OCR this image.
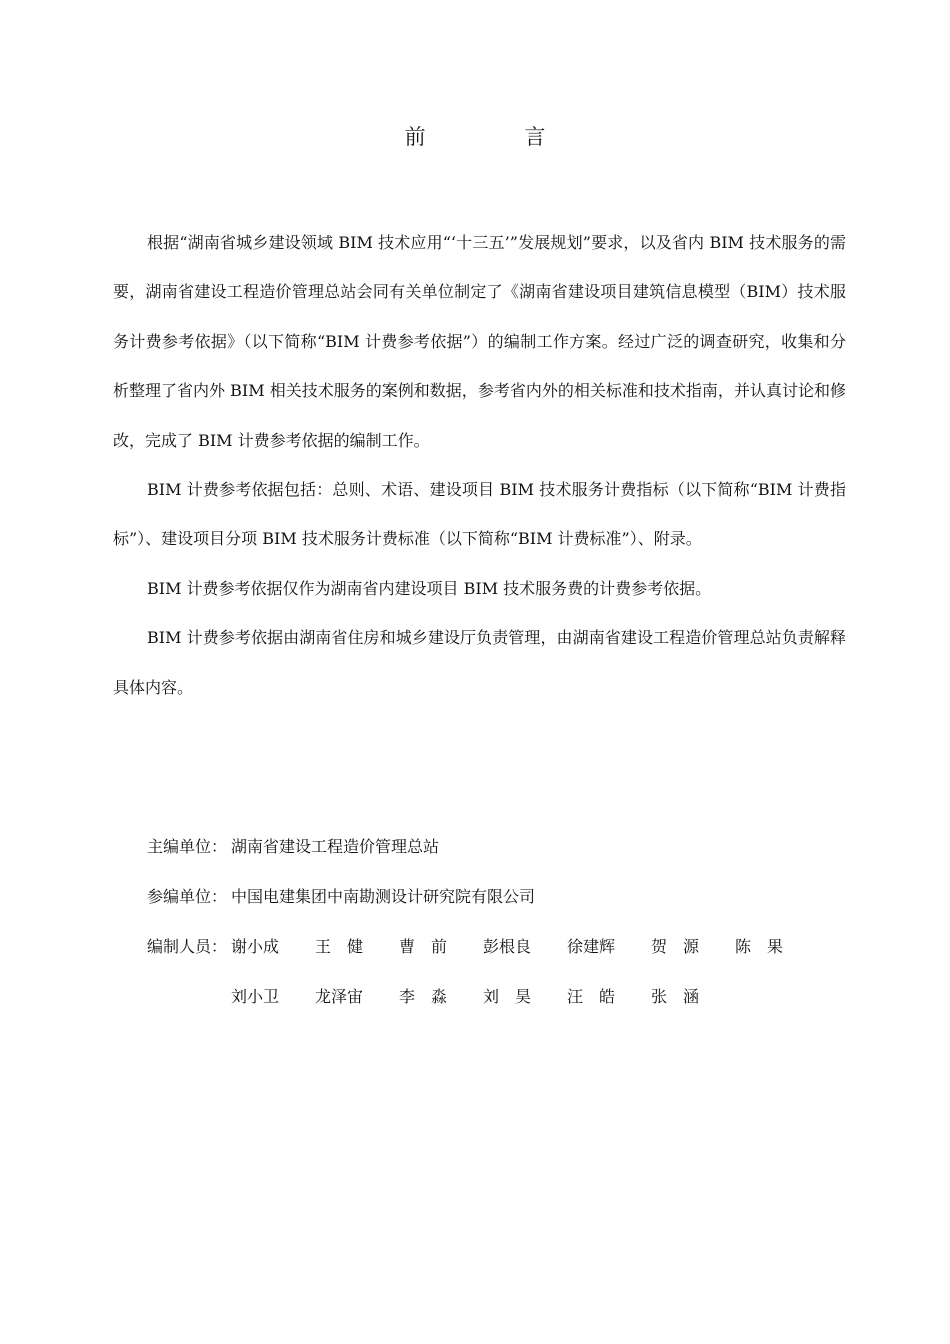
前 言

根据“湖南省城乡建设领域 BIM 技术应用“‘十三五’”发展规划”要求，以及省内 BIM 技术服务的需要，湖南省建设工程造价管理总站会同有关单位制定了《湖南省建设项目建筑信息模型（BIM）技术服务计费参考依据》（以下简称“BIM 计费参考依据”）的编制工作方案。经过广泛的调查研究，收集和分析整理了省内外 BIM 相关技术服务的案例和数据，参考省内外的相关标准和技术指南，并认真讨论和修改，完成了 BIM 计费参考依据的编制工作。

BIM 计费参考依据包括：总则、术语、建设项目 BIM 技术服务计费指标（以下简称“BIM 计费指标”）、建设项目分项 BIM 技术服务计费标准（以下简称“BIM 计费标准”）、附录。

BIM 计费参考依据仅作为湖南省内建设项目 BIM 技术服务费的计费参考依据。

BIM 计费参考依据由湖南省住房和城乡建设厅负责管理，由湖南省建设工程造价管理总站负责解释具体内容。

主编单位： 湖南省建设工程造价管理总站
参编单位： 中国电建集团中南勘测设计研究院有限公司
编制人员： 谢小成	王　健	曹　前	彭根良	徐建辉	贺　源	陈　果
刘小卫	龙泽宙	李　淼	刘　昊	汪　皓	张　涵
